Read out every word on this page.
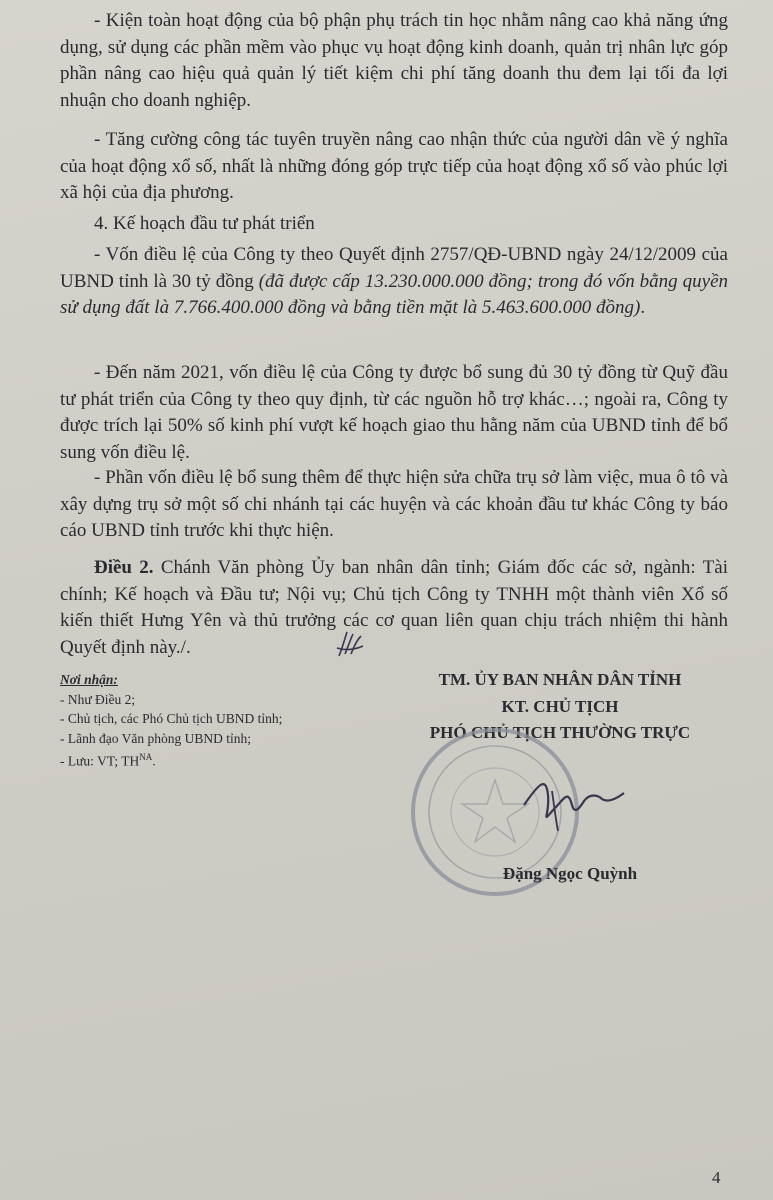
- Kiện toàn hoạt động của bộ phận phụ trách tin học nhằm nâng cao khả năng ứng dụng, sử dụng các phần mềm vào phục vụ hoạt động kinh doanh, quản trị nhân lực góp phần nâng cao hiệu quả quản lý tiết kiệm chi phí tăng doanh thu đem lại tối đa lợi nhuận cho doanh nghiệp.

- Tăng cường công tác tuyên truyền nâng cao nhận thức của người dân về ý nghĩa của hoạt động xổ số, nhất là những đóng góp trực tiếp của hoạt động xổ số vào phúc lợi xã hội của địa phương.

4. Kế hoạch đầu tư phát triển

- Vốn điều lệ của Công ty theo Quyết định 2757/QĐ-UBND ngày 24/12/2009 của UBND tỉnh là 30 tỷ đồng (đã được cấp 13.230.000.000 đồng; trong đó vốn bằng quyền sử dụng đất là 7.766.400.000 đồng và bằng tiền mặt là 5.463.600.000 đồng).

- Đến năm 2021, vốn điều lệ của Công ty được bổ sung đủ 30 tỷ đồng từ Quỹ đầu tư phát triển của Công ty theo quy định, từ các nguồn hỗ trợ khác…; ngoài ra, Công ty được trích lại 50% số kinh phí vượt kế hoạch giao thu hằng năm của UBND tỉnh để bổ sung vốn điều lệ.

- Phần vốn điều lệ bổ sung thêm để thực hiện sửa chữa trụ sở làm việc, mua ô tô và xây dựng trụ sở một số chi nhánh tại các huyện và các khoản đầu tư khác Công ty báo cáo UBND tỉnh trước khi thực hiện.

Điều 2. Chánh Văn phòng Ủy ban nhân dân tỉnh; Giám đốc các sở, ngành: Tài chính; Kế hoạch và Đầu tư; Nội vụ; Chủ tịch Công ty TNHH một thành viên Xổ số kiến thiết Hưng Yên và thủ trưởng các cơ quan liên quan chịu trách nhiệm thi hành Quyết định này./.

Nơi nhận:
- Như Điều 2;
- Chủ tịch, các Phó Chủ tịch UBND tỉnh;
- Lãnh đạo Văn phòng UBND tỉnh;
- Lưu: VT; $TH^{NA}$.
TM. ỦY BAN NHÂN DÂN TỈNH
KT. CHỦ TỊCH
PHÓ CHỦ TỊCH THƯỜNG TRỰC
Đặng Ngọc Quỳnh
4
